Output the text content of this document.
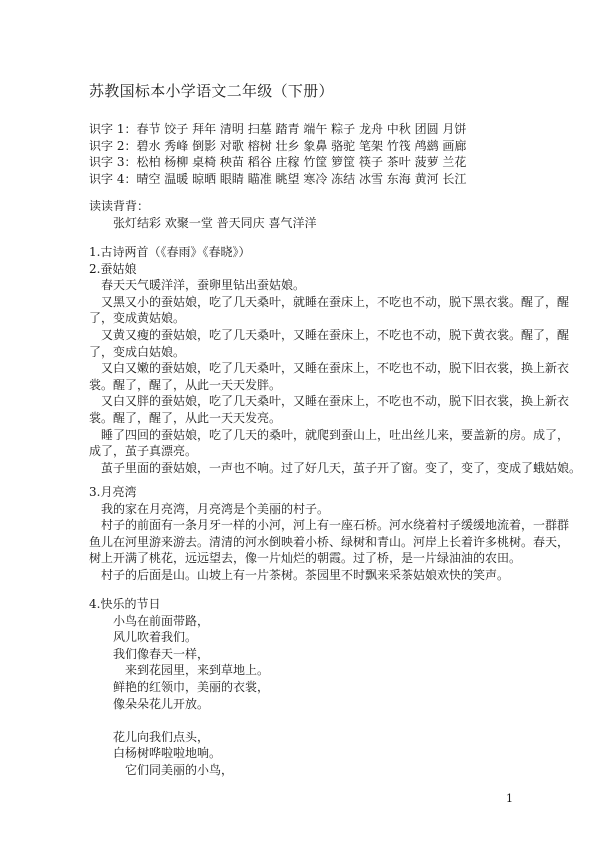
苏教国标本小学语文二年级（下册）
识字 1：春节 饺子 拜年 清明 扫墓 踏青 端午 粽子 龙舟 中秋 团圆 月饼
识字 2：碧水 秀峰 倒影 对歌 榕树 壮乡 象鼻 骆驼 笔架 竹筏 鸬鹚 画廊
识字 3：松柏 杨柳 桌椅 秧苗 稻谷 庄稼 竹筐 箩筐 筷子 茶叶 菠萝 兰花
识字 4：晴空 温暖 晾晒 眼睛 瞄准 眺望 寒冷 冻结 冰雪 东海 黄河 长江
读读背背：
张灯结彩 欢聚一堂 普天同庆 喜气洋洋
1.古诗两首（《春雨》《春晓》）
2.蚕姑娘
春天天气暖洋洋，蚕卵里钻出蚕姑娘。
又黑又小的蚕姑娘，吃了几天桑叶，就睡在蚕床上，不吃也不动，脱下黑衣裳。醒了，醒
了，变成黄姑娘。
又黄又瘦的蚕姑娘，吃了几天桑叶，又睡在蚕床上，不吃也不动，脱下黄衣裳。醒了，醒
了，变成白姑娘。
又白又嫩的蚕姑娘，吃了几天桑叶，又睡在蚕床上，不吃也不动，脱下旧衣裳，换上新衣
裳。醒了，醒了，从此一天天发胖。
又白又胖的蚕姑娘，吃了几天桑叶，又睡在蚕床上，不吃也不动，脱下旧衣裳，换上新衣
裳。醒了，醒了，从此一天天发亮。
睡了四回的蚕姑娘，吃了几天的桑叶，就爬到蚕山上，吐出丝儿来，要盖新的房。成了，
成了，茧子真漂亮。
茧子里面的蚕姑娘，一声也不响。过了好几天，茧子开了窗。变了，变了，变成了蛾姑娘。
3.月亮湾
我的家在月亮湾，月亮湾是个美丽的村子。
村子的前面有一条月牙一样的小河，河上有一座石桥。河水绕着村子缓缓地流着，一群群
鱼儿在河里游来游去。清清的河水倒映着小桥、绿树和青山。河岸上长着许多桃树。春天，
树上开满了桃花，远远望去，像一片灿烂的朝霞。过了桥，是一片绿油油的农田。
村子的后面是山。山坡上有一片茶树。茶园里不时飘来采茶姑娘欢快的笑声。
4.快乐的节日
小鸟在前面带路，
风儿吹着我们。
我们像春天一样，
来到花园里，来到草地上。
鲜艳的红领巾，美丽的衣裳，
像朵朵花儿开放。
花儿向我们点头，
白杨树哗啦啦地响。
它们同美丽的小鸟，
1
